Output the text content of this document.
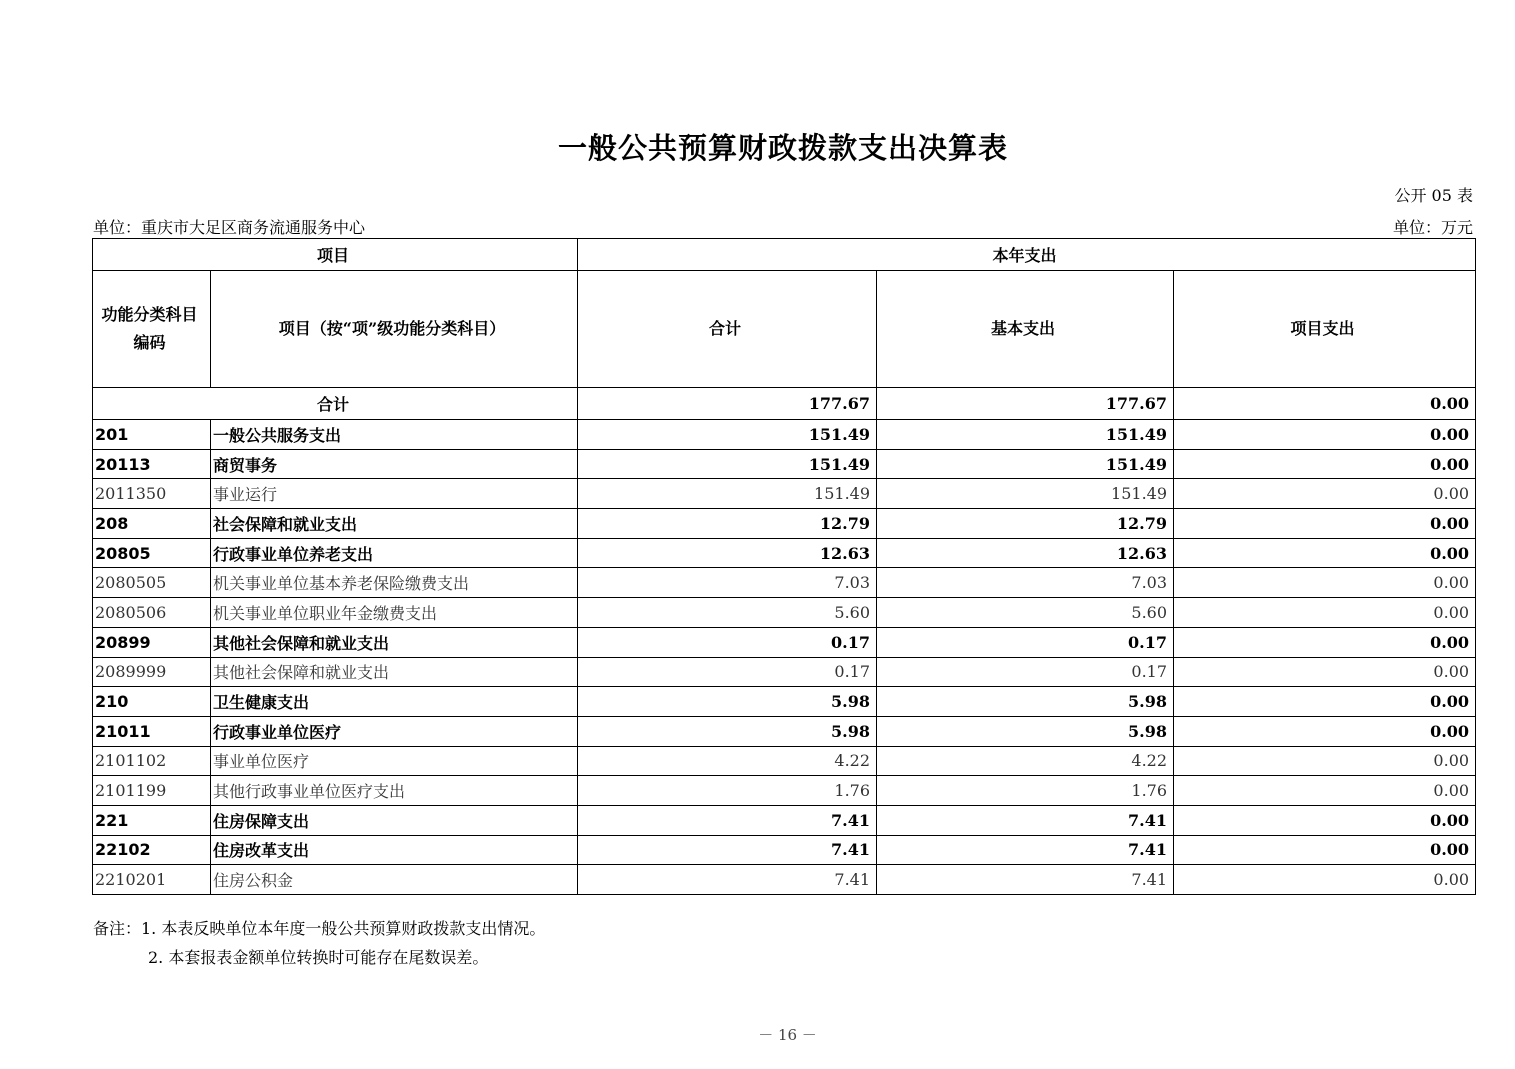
一般公共预算财政拨款支出决算表
公开 05 表
单位：重庆市大足区商务流通服务中心	单位：万元
项目		本年支出		
功能分类科目
编码	项目（按“项”级功能分类科目）	合计	基本支出	项目支出
合计		177.67	177.67	0.00
201	一般公共服务支出	151.49	151.49	0.00
20113	商贸事务	151.49	151.49	0.00
2011350	事业运行	151.49	151.49	0.00
208	社会保障和就业支出	12.79	12.79	0.00
20805	行政事业单位养老支出	12.63	12.63	0.00
2080505	机关事业单位基本养老保险缴费支出	7.03	7.03	0.00
2080506	机关事业单位职业年金缴费支出	5.60	5.60	0.00
20899	其他社会保障和就业支出	0.17	0.17	0.00
2089999	其他社会保障和就业支出	0.17	0.17	0.00
210	卫生健康支出	5.98	5.98	0.00
21011	行政事业单位医疗	5.98	5.98	0.00
2101102	事业单位医疗	4.22	4.22	0.00
2101199	其他行政事业单位医疗支出	1.76	1.76	0.00
221	住房保障支出	7.41	7.41	0.00
22102	住房改革支出	7.41	7.41	0.00
2210201	住房公积金	7.41	7.41	0.00
备注：1. 本表反映单位本年度一般公共预算财政拨款支出情况。
2. 本套报表金额单位转换时可能存在尾数误差。
－ 16 －
